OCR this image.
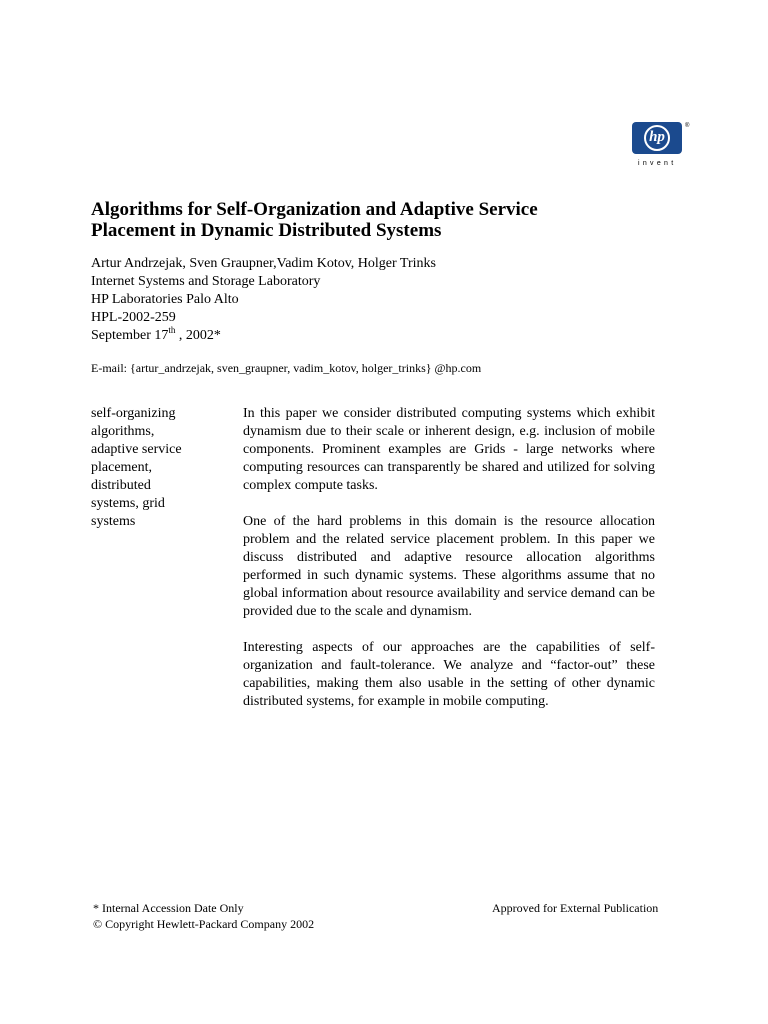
hp
®
invent
Algorithms for Self-Organization and Adaptive Service
Placement in Dynamic Distributed Systems
Artur Andrzejak, Sven Graupner,Vadim Kotov, Holger Trinks
Internet Systems and Storage Laboratory
HP Laboratories Palo Alto
HPL-2002-259
September 17th , 2002*
E-mail: {artur_andrzejak, sven_graupner, vadim_kotov, holger_trinks} @hp.com
self-organizing
algorithms,
adaptive service
placement,
distributed
systems, grid
systems

In this paper we consider distributed computing systems which exhibit dynamism due to their scale or inherent design, e.g. inclusion of mobile components. Prominent examples are Grids - large networks where computing resources can transparently be shared and utilized for solving complex compute tasks.

One of the hard problems in this domain is the resource allocation problem and the related service placement problem. In this paper we discuss distributed and adaptive resource allocation algorithms performed in such dynamic systems. These algorithms assume that no global information about resource availability and service demand can be provided due to the scale and dynamism.

Interesting aspects of our approaches are the capabilities of self-organization and fault-tolerance. We analyze and “factor-out” these capabilities, making them also usable in the setting of other dynamic distributed systems, for example in mobile computing.

* Internal Accession Date Only
© Copyright Hewlett-Packard Company 2002
Approved for External Publication
